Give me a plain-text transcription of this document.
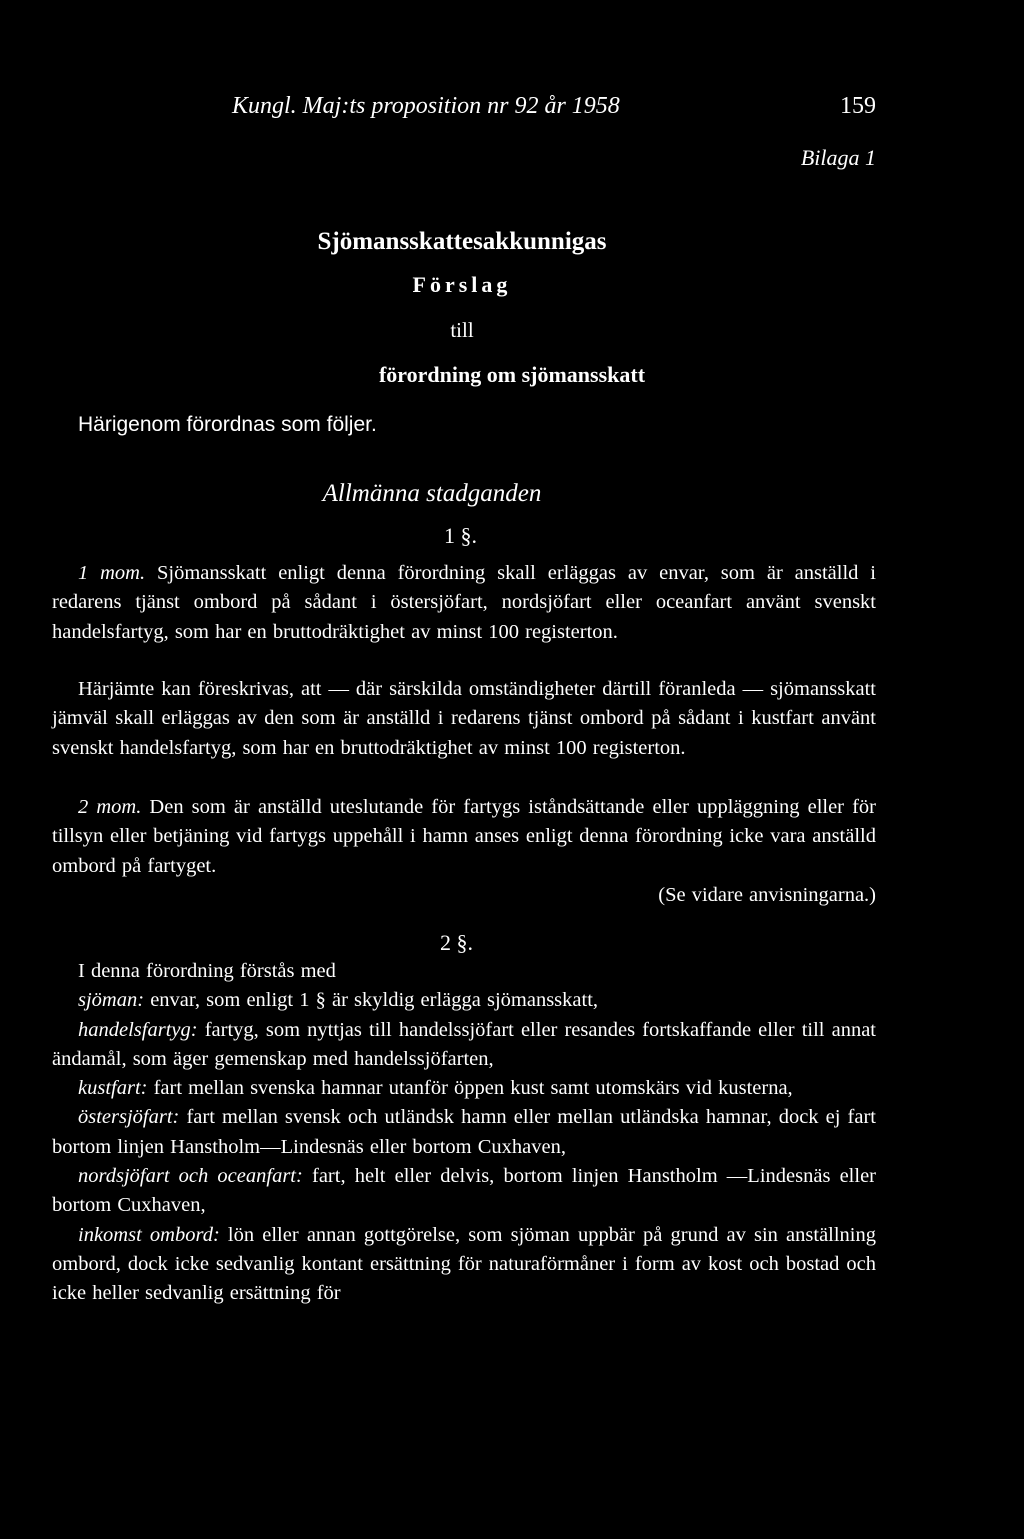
Kungl. Maj:ts proposition nr 92 år 1958	159
Bilaga 1
Sjömansskattesakkunnigas
Förslag
till
förordning om sjömansskatt
Härigenom förordnas som följer.
Allmänna stadganden
1 §.

1 mom. Sjömansskatt enligt denna förordning skall erläggas av envar, som är anställd i redarens tjänst ombord på sådant i östersjöfart, nordsjöfart eller oceanfart använt svenskt handelsfartyg, som har en bruttodräktighet av minst 100 registerton.

Härjämte kan föreskrivas, att — där särskilda omständigheter därtill föranleda — sjömansskatt jämväl skall erläggas av den som är anställd i redarens tjänst ombord på sådant i kustfart använt svenskt handelsfartyg, som har en bruttodräktighet av minst 100 registerton.

2 mom. Den som är anställd uteslutande för fartygs iståndsättande eller uppläggning eller för tillsyn eller betjäning vid fartygs uppehåll i hamn anses enligt denna förordning icke vara anställd ombord på fartyget.

(Se vidare anvisningarna.)

2 §.

I denna förordning förstås med

sjöman: envar, som enligt 1 § är skyldig erlägga sjömansskatt,

handelsfartyg: fartyg, som nyttjas till handelssjöfart eller resandes fortskaffande eller till annat ändamål, som äger gemenskap med handelssjöfarten,

kustfart: fart mellan svenska hamnar utanför öppen kust samt utomskärs vid kusterna,

östersjöfart: fart mellan svensk och utländsk hamn eller mellan utländska hamnar, dock ej fart bortom linjen Hanstholm—Lindesnäs eller bortom Cuxhaven,

nordsjöfart och oceanfart: fart, helt eller delvis, bortom linjen Hanstholm —Lindesnäs eller bortom Cuxhaven,

inkomst ombord: lön eller annan gottgörelse, som sjöman uppbär på grund av sin anställning ombord, dock icke sedvanlig kontant ersättning för naturaförmåner i form av kost och bostad och icke heller sedvanlig ersättning för
